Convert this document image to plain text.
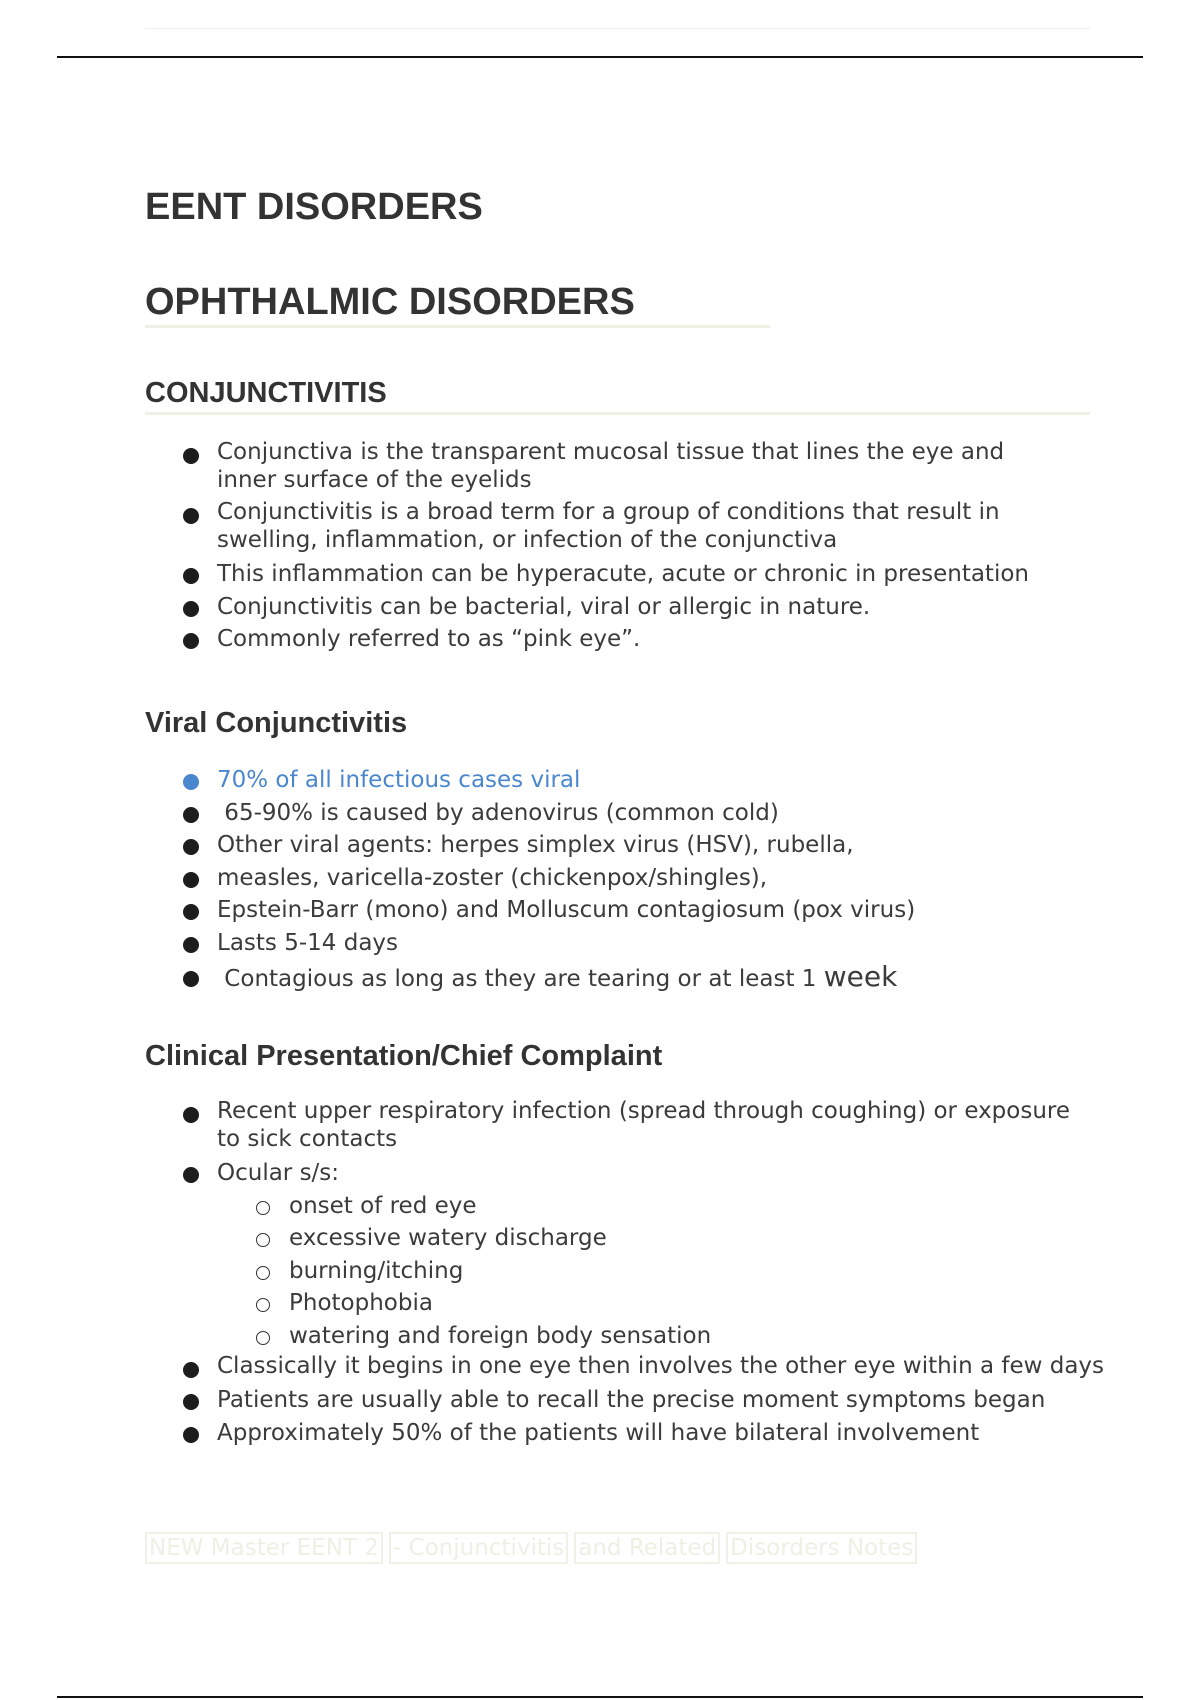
EENT DISORDERS
OPHTHALMIC DISORDERS
CONJUNCTIVITIS
Conjunctiva is the transparent mucosal tissue that lines the eye and inner surface of the eyelids
Conjunctivitis is a broad term for a group of conditions that result in swelling, inflammation, or infection of the conjunctiva
This inflammation can be hyperacute, acute or chronic in presentation
Conjunctivitis can be bacterial, viral or allergic in nature.
Commonly referred to as “pink eye”.
Viral Conjunctivitis
70% of all infectious cases viral
65-90% is caused by adenovirus (common cold)
Other viral agents: herpes simplex virus (HSV), rubella,
measles, varicella-zoster (chickenpox/shingles),
Epstein-Barr (mono) and Molluscum contagiosum (pox virus)
Lasts 5-14 days
Contagious as long as they are tearing or at least 1 week
Clinical Presentation/Chief Complaint
Recent upper respiratory infection (spread through coughing) or exposure to sick contacts
Ocular s/s:
onset of red eye
excessive watery discharge
burning/itching
Photophobia
watering and foreign body sensation
Classically it begins in one eye then involves the other eye within a few days
Patients are usually able to recall the precise moment symptoms began
Approximately 50% of the patients will have bilateral involvement
NEW Master EENT 2 - Conjunctivitis and Related Disorders Notes
